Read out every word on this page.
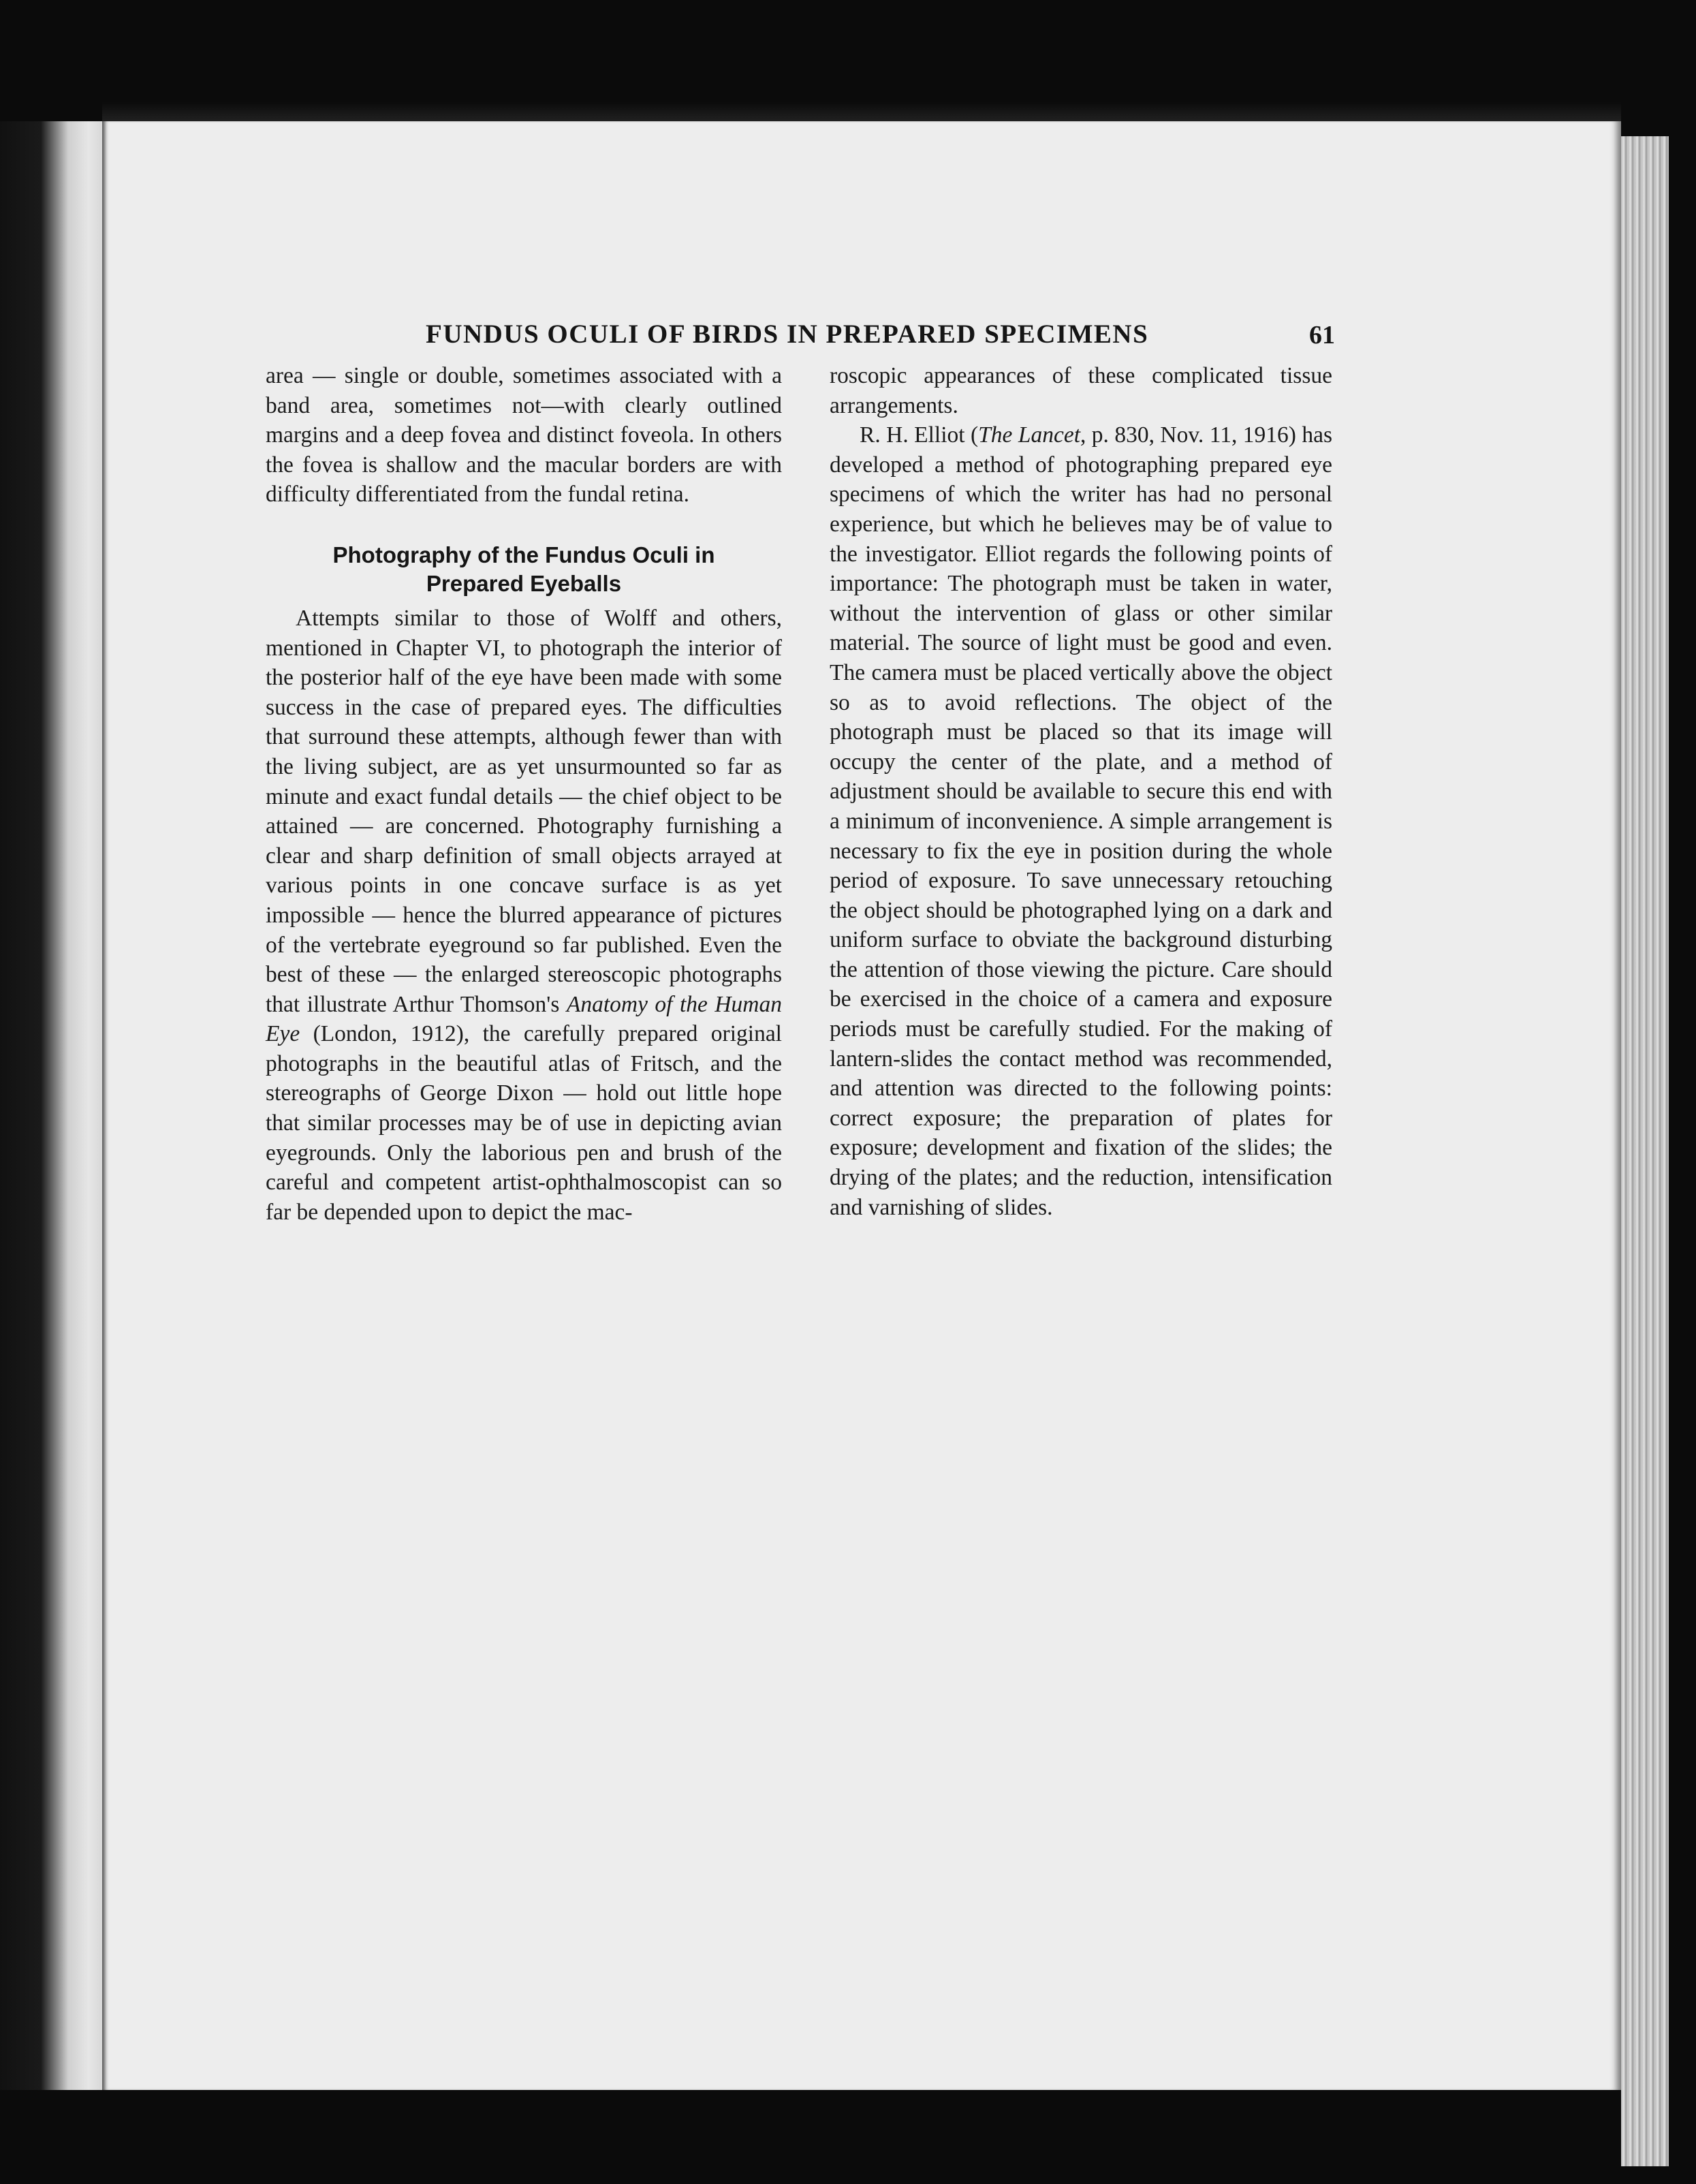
FUNDUS OCULI OF BIRDS IN PREPARED SPECIMENS	61

area — single or double, sometimes associated with a band area, sometimes not—with clearly outlined margins and a deep fovea and distinct foveola. In others the fovea is shallow and the macular borders are with difficulty differentiated from the fundal retina.

Photography of the Fundus Oculi in
Prepared Eyeballs

Attempts similar to those of Wolff and others, mentioned in Chapter VI, to photograph the interior of the posterior half of the eye have been made with some success in the case of prepared eyes. The difficulties that surround these attempts, although fewer than with the living subject, are as yet unsurmounted so far as minute and exact fundal details — the chief object to be attained — are concerned. Photography furnishing a clear and sharp definition of small objects arrayed at various points in one concave surface is as yet impossible — hence the blurred appearance of pictures of the vertebrate eyeground so far published. Even the best of these — the enlarged stereoscopic photographs that illustrate Arthur Thomson's Anatomy of the Human Eye (London, 1912), the carefully prepared original photographs in the beautiful atlas of Fritsch, and the stereographs of George Dixon — hold out little hope that similar processes may be of use in depicting avian eyegrounds. Only the laborious pen and brush of the careful and competent artist-ophthalmoscopist can so far be depended upon to depict the mac-

roscopic appearances of these complicated tissue arrangements.

R. H. Elliot (The Lancet, p. 830, Nov. 11, 1916) has developed a method of photographing prepared eye specimens of which the writer has had no personal experience, but which he believes may be of value to the investigator. Elliot regards the following points of importance: The photograph must be taken in water, without the intervention of glass or other similar material. The source of light must be good and even. The camera must be placed vertically above the object so as to avoid reflections. The object of the photograph must be placed so that its image will occupy the center of the plate, and a method of adjustment should be available to secure this end with a minimum of inconvenience. A simple arrangement is necessary to fix the eye in position during the whole period of exposure. To save unnecessary retouching the object should be photographed lying on a dark and uniform surface to obviate the background disturbing the attention of those viewing the picture. Care should be exercised in the choice of a camera and exposure periods must be carefully studied. For the making of lantern-slides the contact method was recommended, and attention was directed to the following points: correct exposure; the preparation of plates for exposure; development and fixation of the slides; the drying of the plates; and the reduction, intensification and varnishing of slides.
